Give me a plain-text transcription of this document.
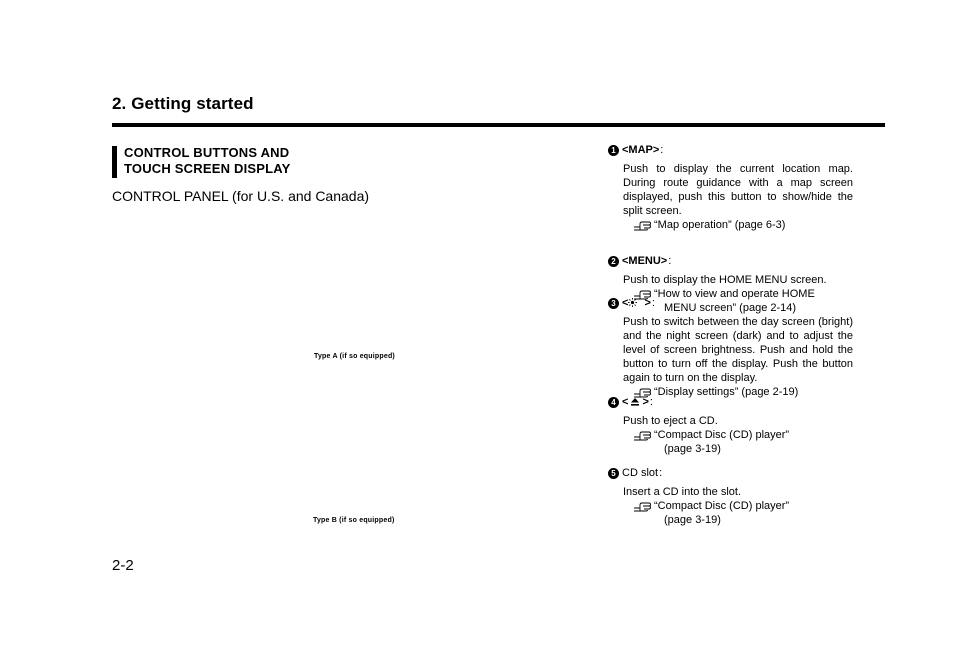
2. Getting started
CONTROL BUTTONS AND
TOUCH SCREEN DISPLAY
CONTROL PANEL (for U.S. and Canada)
Type A (if so equipped)
Type B (if so equipped)
2-2
1 <MAP> :
Push to display the current location map. During route guidance with a map screen displayed, push this button to show/hide the split screen.
“Map operation” (page 6-3)
2 <MENU> :
Push to display the HOME MENU screen.
“How to view and operate HOME
MENU screen” (page 2-14)
3 < > :
Push to switch between the day screen (bright) and the night screen (dark) and to adjust the level of screen brightness. Push and hold the button to turn off the display. Push the button again to turn on the display.
“Display settings” (page 2-19)
4 < > :
Push to eject a CD.
“Compact Disc (CD) player”
(page 3-19)
5 CD slot :
Insert a CD into the slot.
“Compact Disc (CD) player”
(page 3-19)
